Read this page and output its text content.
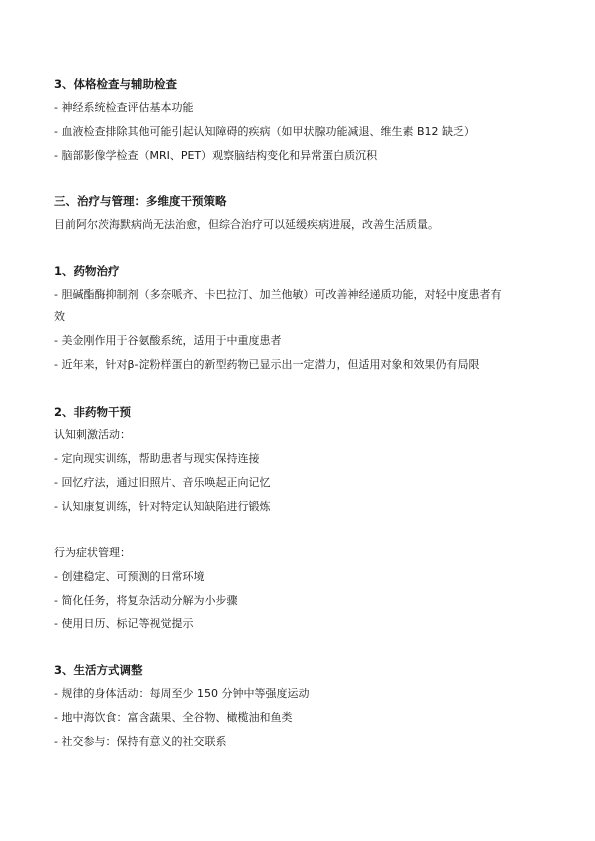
3、体格检查与辅助检查
- 神经系统检查评估基本功能
- 血液检查排除其他可能引起认知障碍的疾病（如甲状腺功能减退、维生素 B12 缺乏）
- 脑部影像学检查（MRI、PET）观察脑结构变化和异常蛋白质沉积
三、治疗与管理：多维度干预策略
目前阿尔茨海默病尚无法治愈，但综合治疗可以延缓疾病进展，改善生活质量。
1、药物治疗
- 胆碱酯酶抑制剂（多奈哌齐、卡巴拉汀、加兰他敏）可改善神经递质功能，对轻中度患者有
效
- 美金刚作用于谷氨酸系统，适用于中重度患者
- 近年来，针对β-淀粉样蛋白的新型药物已显示出一定潜力，但适用对象和效果仍有局限
2、非药物干预
认知刺激活动：
- 定向现实训练，帮助患者与现实保持连接
- 回忆疗法，通过旧照片、音乐唤起正向记忆
- 认知康复训练，针对特定认知缺陷进行锻炼
行为症状管理：
- 创建稳定、可预测的日常环境
- 简化任务，将复杂活动分解为小步骤
- 使用日历、标记等视觉提示
3、生活方式调整
- 规律的身体活动：每周至少 150 分钟中等强度运动
- 地中海饮食：富含蔬果、全谷物、橄榄油和鱼类
- 社交参与：保持有意义的社交联系
